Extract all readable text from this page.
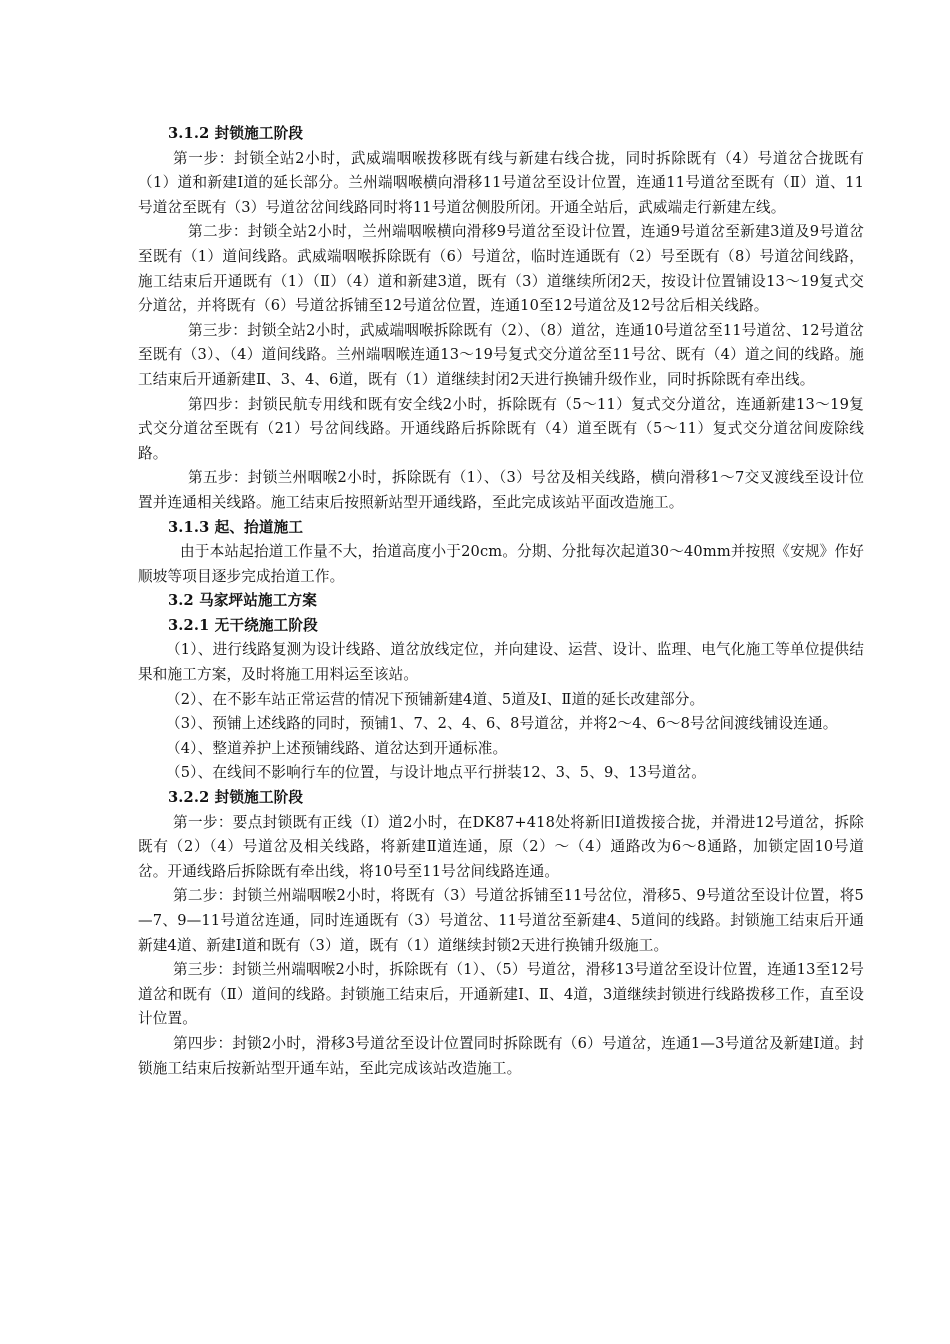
3.1.2 封锁施工阶段

第一步：封锁全站2小时，武威端咽喉拨移既有线与新建右线合拢，同时拆除既有（4）号道岔合拢既有（1）道和新建Ⅰ道的延长部分。兰州端咽喉横向滑移11号道岔至设计位置，连通11号道岔至既有（Ⅱ）道、11号道岔至既有（3）号道岔岔间线路同时将11号道岔侧股所闭。开通全站后，武威端走行新建左线。

第二步：封锁全站2小时，兰州端咽喉横向滑移9号道岔至设计位置，连通9号道岔至新建3道及9号道岔至既有（1）道间线路。武威端咽喉拆除既有（6）号道岔，临时连通既有（2）号至既有（8）号道岔间线路，施工结束后开通既有（1）（Ⅱ）（4）道和新建3道，既有（3）道继续所闭2天，按设计位置铺设13～19复式交分道岔，并将既有（6）号道岔拆铺至12号道岔位置，连通10至12号道岔及12号岔后相关线路。

第三步：封锁全站2小时，武威端咽喉拆除既有（2）、（8）道岔，连通10号道岔至11号道岔、12号道岔至既有（3）、（4）道间线路。兰州端咽喉连通13～19号复式交分道岔至11号岔、既有（4）道之间的线路。施工结束后开通新建Ⅱ、3、4、6道，既有（1）道继续封闭2天进行换铺升级作业，同时拆除既有牵出线。

第四步：封锁民航专用线和既有安全线2小时，拆除既有（5～11）复式交分道岔，连通新建13～19复式交分道岔至既有（21）号岔间线路。开通线路后拆除既有（4）道至既有（5～11）复式交分道岔间废除线路。

第五步：封锁兰州咽喉2小时，拆除既有（1）、（3）号岔及相关线路，横向滑移1～7交叉渡线至设计位置并连通相关线路。施工结束后按照新站型开通线路，至此完成该站平面改造施工。

3.1.3 起、抬道施工

由于本站起抬道工作量不大，抬道高度小于20cm。分期、分批每次起道30～40mm并按照《安规》作好顺坡等项目逐步完成抬道工作。

3.2 马家坪站施工方案

3.2.1 无干绕施工阶段

（1）、进行线路复测为设计线路、道岔放线定位，并向建设、运营、设计、监理、电气化施工等单位提供结果和施工方案，及时将施工用料运至该站。

（2）、在不影车站正常运营的情况下预铺新建4道、5道及Ⅰ、Ⅱ道的延长改建部分。

（3）、预铺上述线路的同时，预铺1、7、2、4、6、8号道岔，并将2～4、6～8号岔间渡线铺设连通。

（4）、整道养护上述预铺线路、道岔达到开通标准。

（5）、在线间不影响行车的位置，与设计地点平行拼装12、3、5、9、13号道岔。

3.2.2 封锁施工阶段

第一步：要点封锁既有正线（Ⅰ）道2小时，在DK87+418处将新旧Ⅰ道拨接合拢，并滑进12号道岔，拆除既有（2）（4）号道岔及相关线路，将新建Ⅱ道连通，原（2）～（4）通路改为6～8通路，加锁定固10号道岔。开通线路后拆除既有牵出线，将10号至11号岔间线路连通。

第二步：封锁兰州端咽喉2小时，将既有（3）号道岔拆铺至11号岔位，滑移5、9号道岔至设计位置，将5—7、9—11号道岔连通，同时连通既有（3）号道岔、11号道岔至新建4、5道间的线路。封锁施工结束后开通新建4道、新建Ⅰ道和既有（3）道，既有（1）道继续封锁2天进行换铺升级施工。

第三步：封锁兰州端咽喉2小时，拆除既有（1）、（5）号道岔，滑移13号道岔至设计位置，连通13至12号道岔和既有（Ⅱ）道间的线路。封锁施工结束后，开通新建Ⅰ、Ⅱ、4道，3道继续封锁进行线路拨移工作，直至设计位置。

第四步：封锁2小时，滑移3号道岔至设计位置同时拆除既有（6）号道岔，连通1—3号道岔及新建Ⅰ道。封锁施工结束后按新站型开通车站，至此完成该站改造施工。
